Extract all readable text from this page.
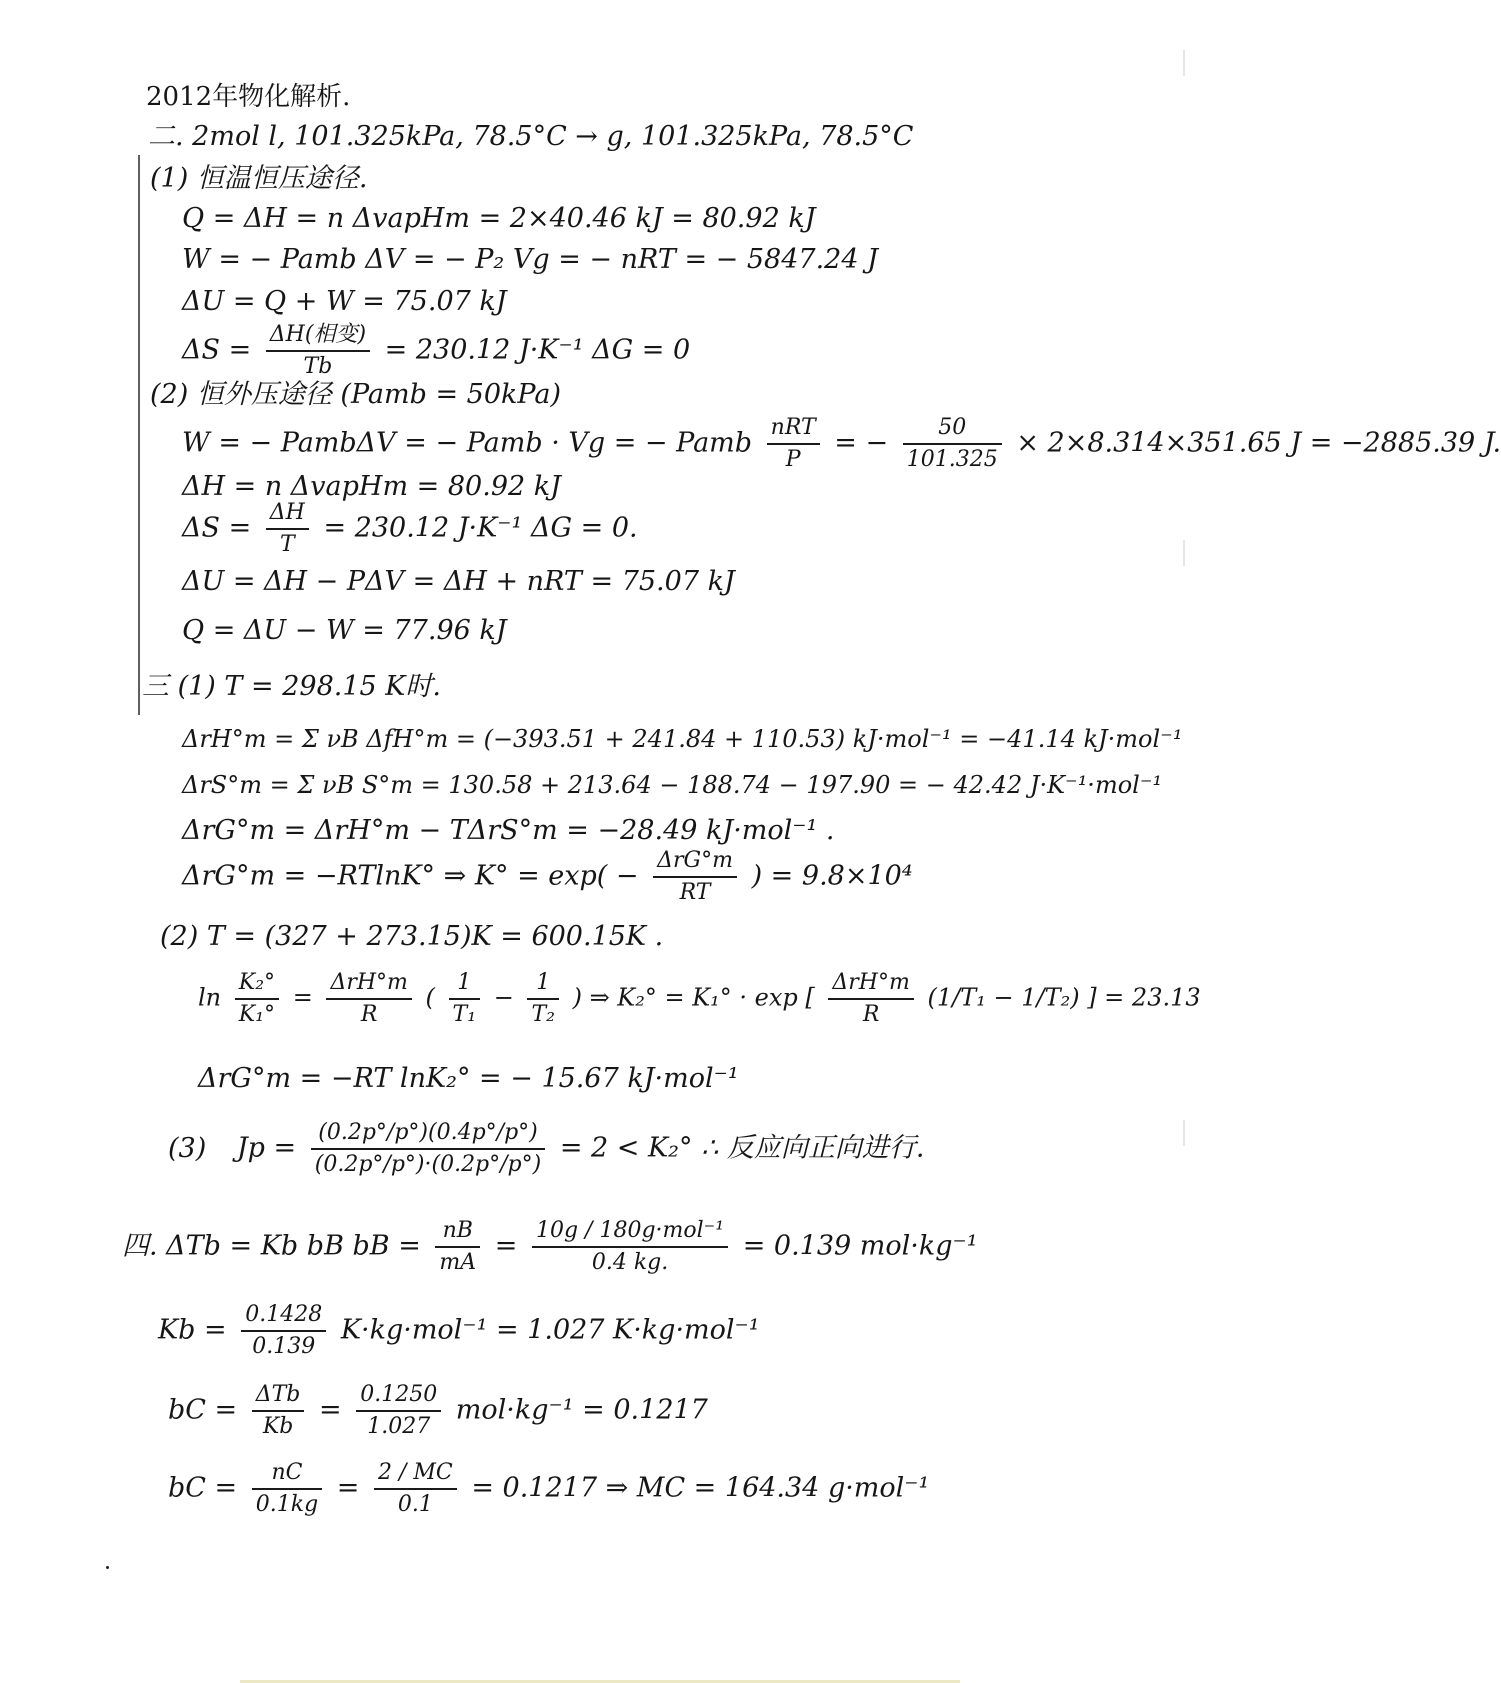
2012年物化解析.
二. 2mol l, 101.325kPa, 78.5°C → g, 101.325kPa, 78.5°C
(1) 恒温恒压途径.
Q = ΔH = n ΔvapHm = 2×40.46 kJ = 80.92 kJ
W = − Pamb ΔV = − P₂ Vg = − nRT = − 5847.24 J
ΔU = Q + W = 75.07 kJ
$\Delta S = \frac{\text{ΔH(相变)}}{Tb} = 230.12$ J·K⁻¹ ΔG = 0
(2) 恒外压途径 (Pamb = 50kPa)
W = − PambΔV = − Pamb · Vg = − Pamb $\frac{\text{nRT}}{P}$ = − $\frac{50}{101.325} \times 2\times 8.314\times 351.65$ J = −2885.39 J.
ΔH = n ΔvapHm = 80.92 kJ
$\Delta S = \frac{\Delta H}{T} = 230.12$ J·K⁻¹ ΔG = 0.
ΔU = ΔH − PΔV = ΔH + nRT = 75.07 kJ
Q = ΔU − W = 77.96 kJ
三 (1) T = 298.15 K时.
ΔrH°m = Σ νB ΔfH°m = (−393.51 + 241.84 + 110.53) kJ·mol⁻¹ = −41.14 kJ·mol⁻¹
ΔrS°m = Σ νB S°m = 130.58 + 213.64 − 188.74 − 197.90 = − 42.42 J·K⁻¹·mol⁻¹
ΔrG°m = ΔrH°m − TΔrS°m = −28.49 kJ·mol⁻¹ .
ΔrG°m = −RTlnK° ⇒ $K^\circ = \exp( - \frac{\text{ΔrG°m}}{RT}$ ) = 9.8×10⁴
(2) T = (327 + 273.15)K = 600.15K .
$\ln \frac{\text{K₂°}}{\text{K₁°}} = \frac{\text{ΔrH°m}}{R}$ ( $\frac{1}{\text{T₁}} - \frac{1}{\text{T₂}}$ ) ⇒ K₂° = K₁° · exp [ $\frac{\text{ΔrH°m}}{R} (1/T_1 - 1/T_2)$ ] = 23.13
ΔrG°m = −RT lnK₂° = − 15.67 kJ·mol⁻¹
(3) $Jp = \frac{(0.2p^\circ/p^\circ)(0.4p^\circ/p^\circ)}{(0.2p^\circ/p^\circ)\cdot(0.2p^\circ/p^\circ)} = 2 < K_2^\circ$ ∴ 反应向正向进行.
四. ΔTb = Kb bB bB = $\frac{nB}{mA} = \frac{\text{10g / 180g·mol⁻¹}}{0.4 kg.} = 0.139$ mol·kg⁻¹
$Kb = \frac{0.1428}{0.139} K\cdot kg\cdot mol^{-1} = 1.027$ K·kg·mol⁻¹
bC = $\frac{\text{ΔTb}}{Kb} = \frac{0.1250}{1.027} mol\cdot kg^{-1} = 0.1217$
bC = $\frac{nC}{0.1kg} = \frac{2 / MC}{0.1} = 0.1217$ ⇒ MC = 164.34 g·mol⁻¹
